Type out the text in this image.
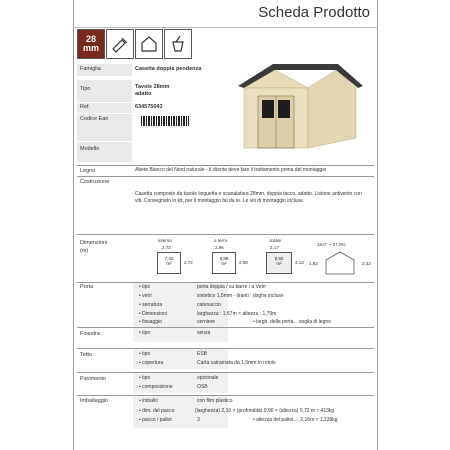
Scheda Prodotto
28
mm
Famiglia	Casetta doppia pendenza
Tipo	Tavole 28mm
adatto
Ref.	634575043
Codice Ean
Modello
Legno	Abete Bianco del Nord naturale - il cliente deve fare il trattamento prima del montaggio
Costruzione
Casetta composto da tavole linguetta e scanalatura 28mm, doppia tacco, adatto. Listone antivento con viti. Consegnato in kit, per il montaggio fai da te. Le viti di montaggio incluse.
Dimensioni
(m)
interno
2,72
7,42
m²	2,72
a terra
2,96
8,88
m²	2,98
totale
3,17
9,92
m²	3,13
19,0° ~ 37,0%
1,83	2,32
Porta	• tipo	porta doppia / su barre / a Vetri
• vetri	sintetico 1,5mm - tiranti : doghe incluse
• serratura	catenaccio
• Dimensioni	larghezza : 1,67m × altezza : 1,79m
• fissaggio	cerniere	• largh. della porta... soglia di legno
Finestra	• tipo	senza
Tetto	• tipo	ESB
• copertura	Carta catramata da 1,5mm in rotolo
Pavimento	• tipo	opzionale
• composizione	OSB
Imballaggio	• imballo	con film plastico
• dim. del pacco	(larghezza) 2,10 × (profondità) 0,90 × (altezza) 0,72 m ≈ 413kg
• pacco / pallet	3	• altezza del pallet.... 2,16m ≈ 1.239kg
